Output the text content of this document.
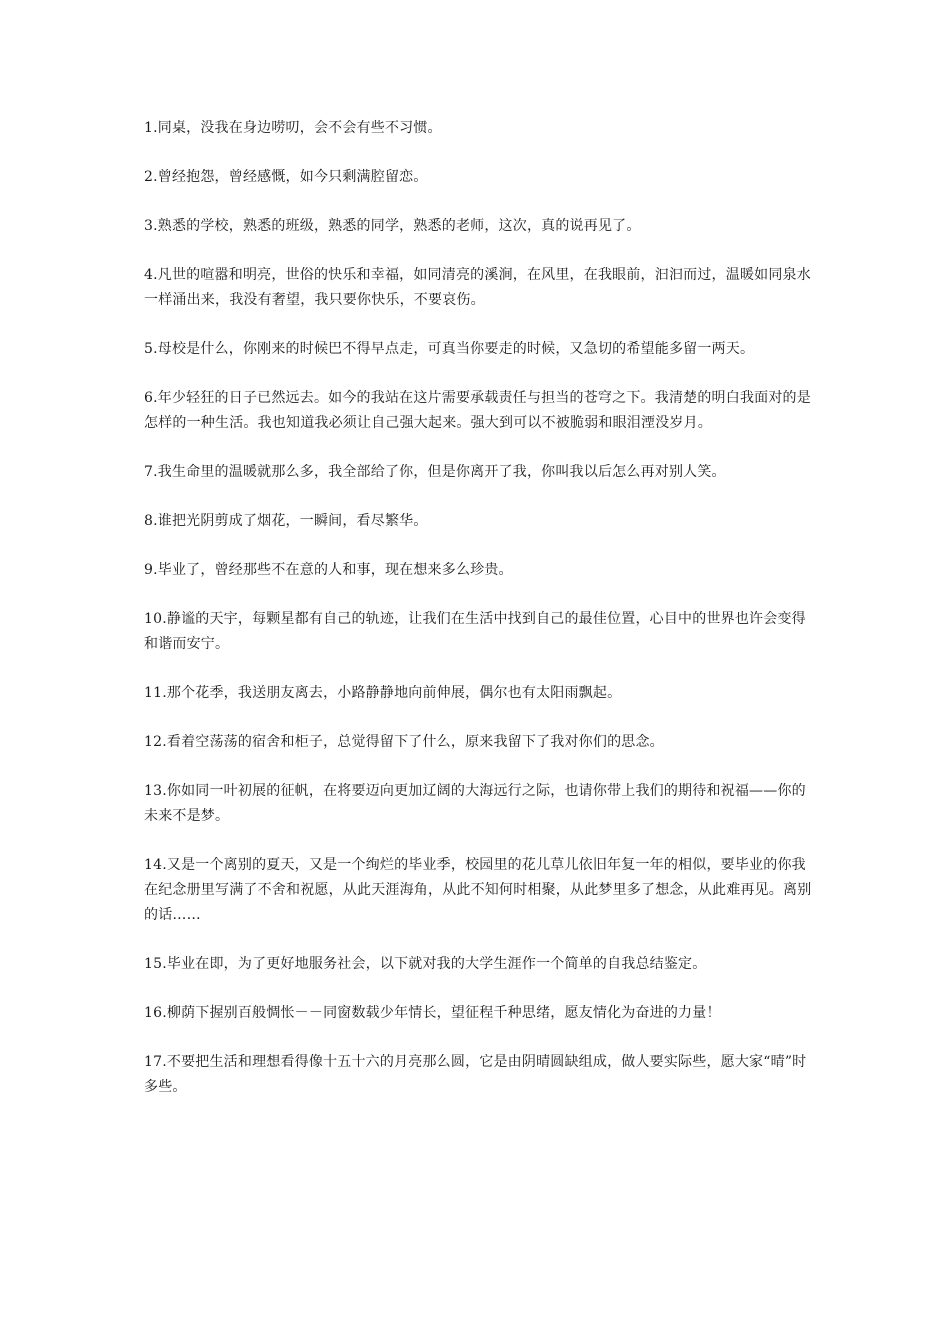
1.同桌，没我在身边唠叨，会不会有些不习惯。

2.曾经抱怨，曾经感慨，如今只剩满腔留恋。

3.熟悉的学校，熟悉的班级，熟悉的同学，熟悉的老师，这次，真的说再见了。

4.凡世的喧嚣和明亮，世俗的快乐和幸福，如同清亮的溪涧，在风里，在我眼前，汩汩而过，温暖如同泉水一样涌出来，我没有奢望，我只要你快乐，不要哀伤。

5.母校是什么，你刚来的时候巴不得早点走，可真当你要走的时候，又急切的希望能多留一两天。

6.年少轻狂的日子已然远去。如今的我站在这片需要承载责任与担当的苍穹之下。我清楚的明白我面对的是怎样的一种生活。我也知道我必须让自己强大起来。强大到可以不被脆弱和眼泪湮没岁月。

7.我生命里的温暖就那么多，我全部给了你，但是你离开了我，你叫我以后怎么再对别人笑。

8.谁把光阴剪成了烟花，一瞬间，看尽繁华。

9.毕业了，曾经那些不在意的人和事，现在想来多么珍贵。

10.静谧的天宇，每颗星都有自己的轨迹，让我们在生活中找到自己的最佳位置，心目中的世界也许会变得和谐而安宁。

11.那个花季，我送朋友离去，小路静静地向前伸展，偶尔也有太阳雨飘起。

12.看着空荡荡的宿舍和柜子，总觉得留下了什么，原来我留下了我对你们的思念。

13.你如同一叶初展的征帆，在将要迈向更加辽阔的大海远行之际，也请你带上我们的期待和祝福——你的未来不是梦。

14.又是一个离别的夏天，又是一个绚烂的毕业季，校园里的花儿草儿依旧年复一年的相似，要毕业的你我在纪念册里写满了不舍和祝愿，从此天涯海角，从此不知何时相聚，从此梦里多了想念，从此难再见。离别的话……

15.毕业在即，为了更好地服务社会，以下就对我的大学生涯作一个简单的自我总结鉴定。

16.柳荫下握别百般惆怅－－同窗数载少年情长，望征程千种思绪，愿友情化为奋进的力量！

17.不要把生活和理想看得像十五十六的月亮那么圆，它是由阴晴圆缺组成，做人要实际些，愿大家“晴”时多些。
